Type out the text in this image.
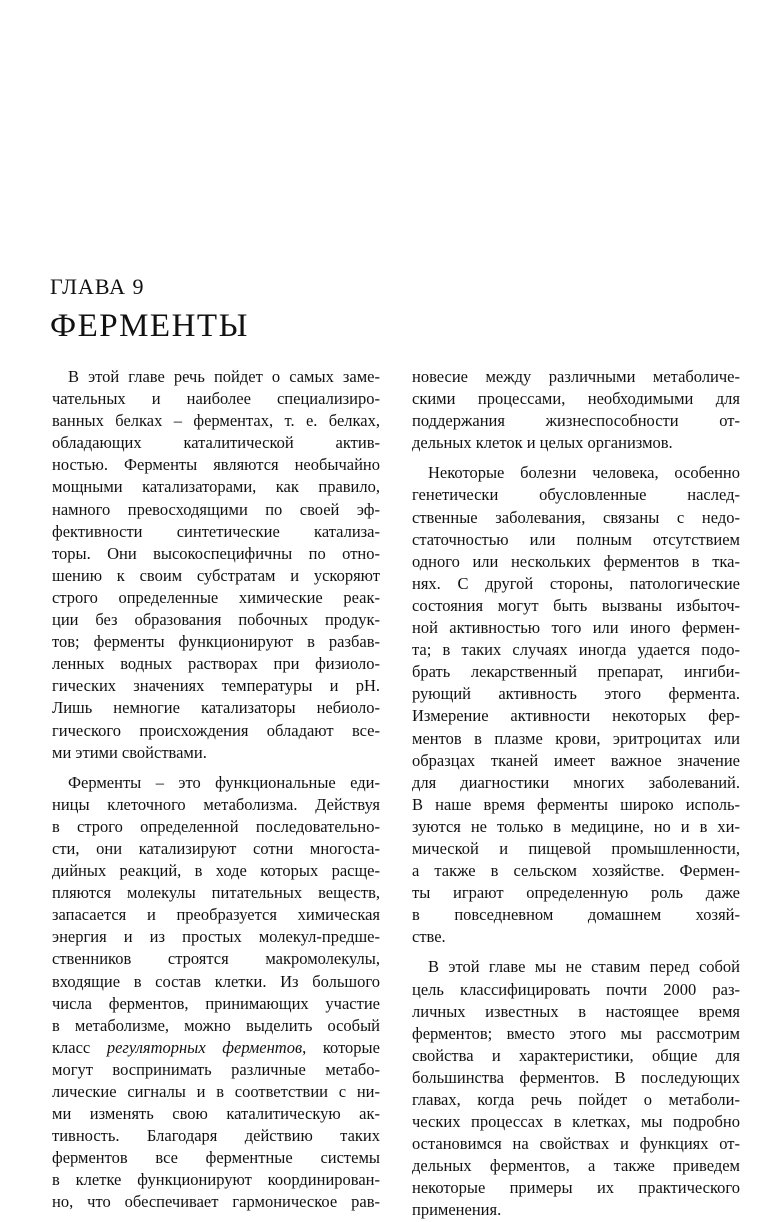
ГЛАВА 9
ФЕРМЕНТЫ
В этой главе речь пойдет о самых заме-
чательных и наиболее специализиро-
ванных белках – ферментах, т. е. белках,
обладающих каталитической актив-
ностью. Ферменты являются необычайно
мощными катализаторами, как правило,
намного превосходящими по своей эф-
фективности синтетические катализа-
торы. Они высокоспецифичны по отно-
шению к своим субстратам и ускоряют
строго определенные химические реак-
ции без образования побочных продук-
тов; ферменты функционируют в разбав-
ленных водных растворах при физиоло-
гических значениях температуры и pH.
Лишь немногие катализаторы небиоло-
гического происхождения обладают все-
ми этими свойствами.
Ферменты – это функциональные еди-
ницы клеточного метаболизма. Действуя
в строго определенной последовательно-
сти, они катализируют сотни многоста-
дийных реакций, в ходе которых расще-
пляются молекулы питательных веществ,
запасается и преобразуется химическая
энергия и из простых молекул-предше-
ственников строятся макромолекулы,
входящие в состав клетки. Из большого
числа ферментов, принимающих участие
в метаболизме, можно выделить особый
класс регуляторных ферментов, которые
могут воспринимать различные метабо-
лические сигналы и в соответствии с ни-
ми изменять свою каталитическую ак-
тивность. Благодаря действию таких
ферментов все ферментные системы
в клетке функционируют координирован-
но, что обеспечивает гармоническое рав-
новесие между различными метаболиче-
скими процессами, необходимыми для
поддержания жизнеспособности от-
дельных клеток и целых организмов.
Некоторые болезни человека, особенно
генетически обусловленные наслед-
ственные заболевания, связаны с недо-
статочностью или полным отсутствием
одного или нескольких ферментов в тка-
нях. С другой стороны, патологические
состояния могут быть вызваны избыточ-
ной активностью того или иного фермен-
та; в таких случаях иногда удается подо-
брать лекарственный препарат, ингиби-
рующий активность этого фермента.
Измерение активности некоторых фер-
ментов в плазме крови, эритроцитах или
образцах тканей имеет важное значение
для диагностики многих заболеваний.
В наше время ферменты широко исполь-
зуются не только в медицине, но и в хи-
мической и пищевой промышленности,
а также в сельском хозяйстве. Фермен-
ты играют определенную роль даже
в повседневном домашнем хозяй-
стве.
В этой главе мы не ставим перед собой
цель классифицировать почти 2000 раз-
личных известных в настоящее время
ферментов; вместо этого мы рассмотрим
свойства и характеристики, общие для
большинства ферментов. В последующих
главах, когда речь пойдет о метаболи-
ческих процессах в клетках, мы подробно
остановимся на свойствах и функциях от-
дельных ферментов, а также приведем
некоторые примеры их практического
применения.
